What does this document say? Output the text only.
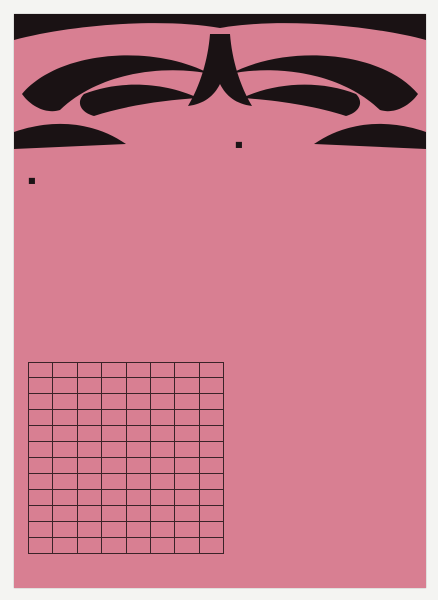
■

■
